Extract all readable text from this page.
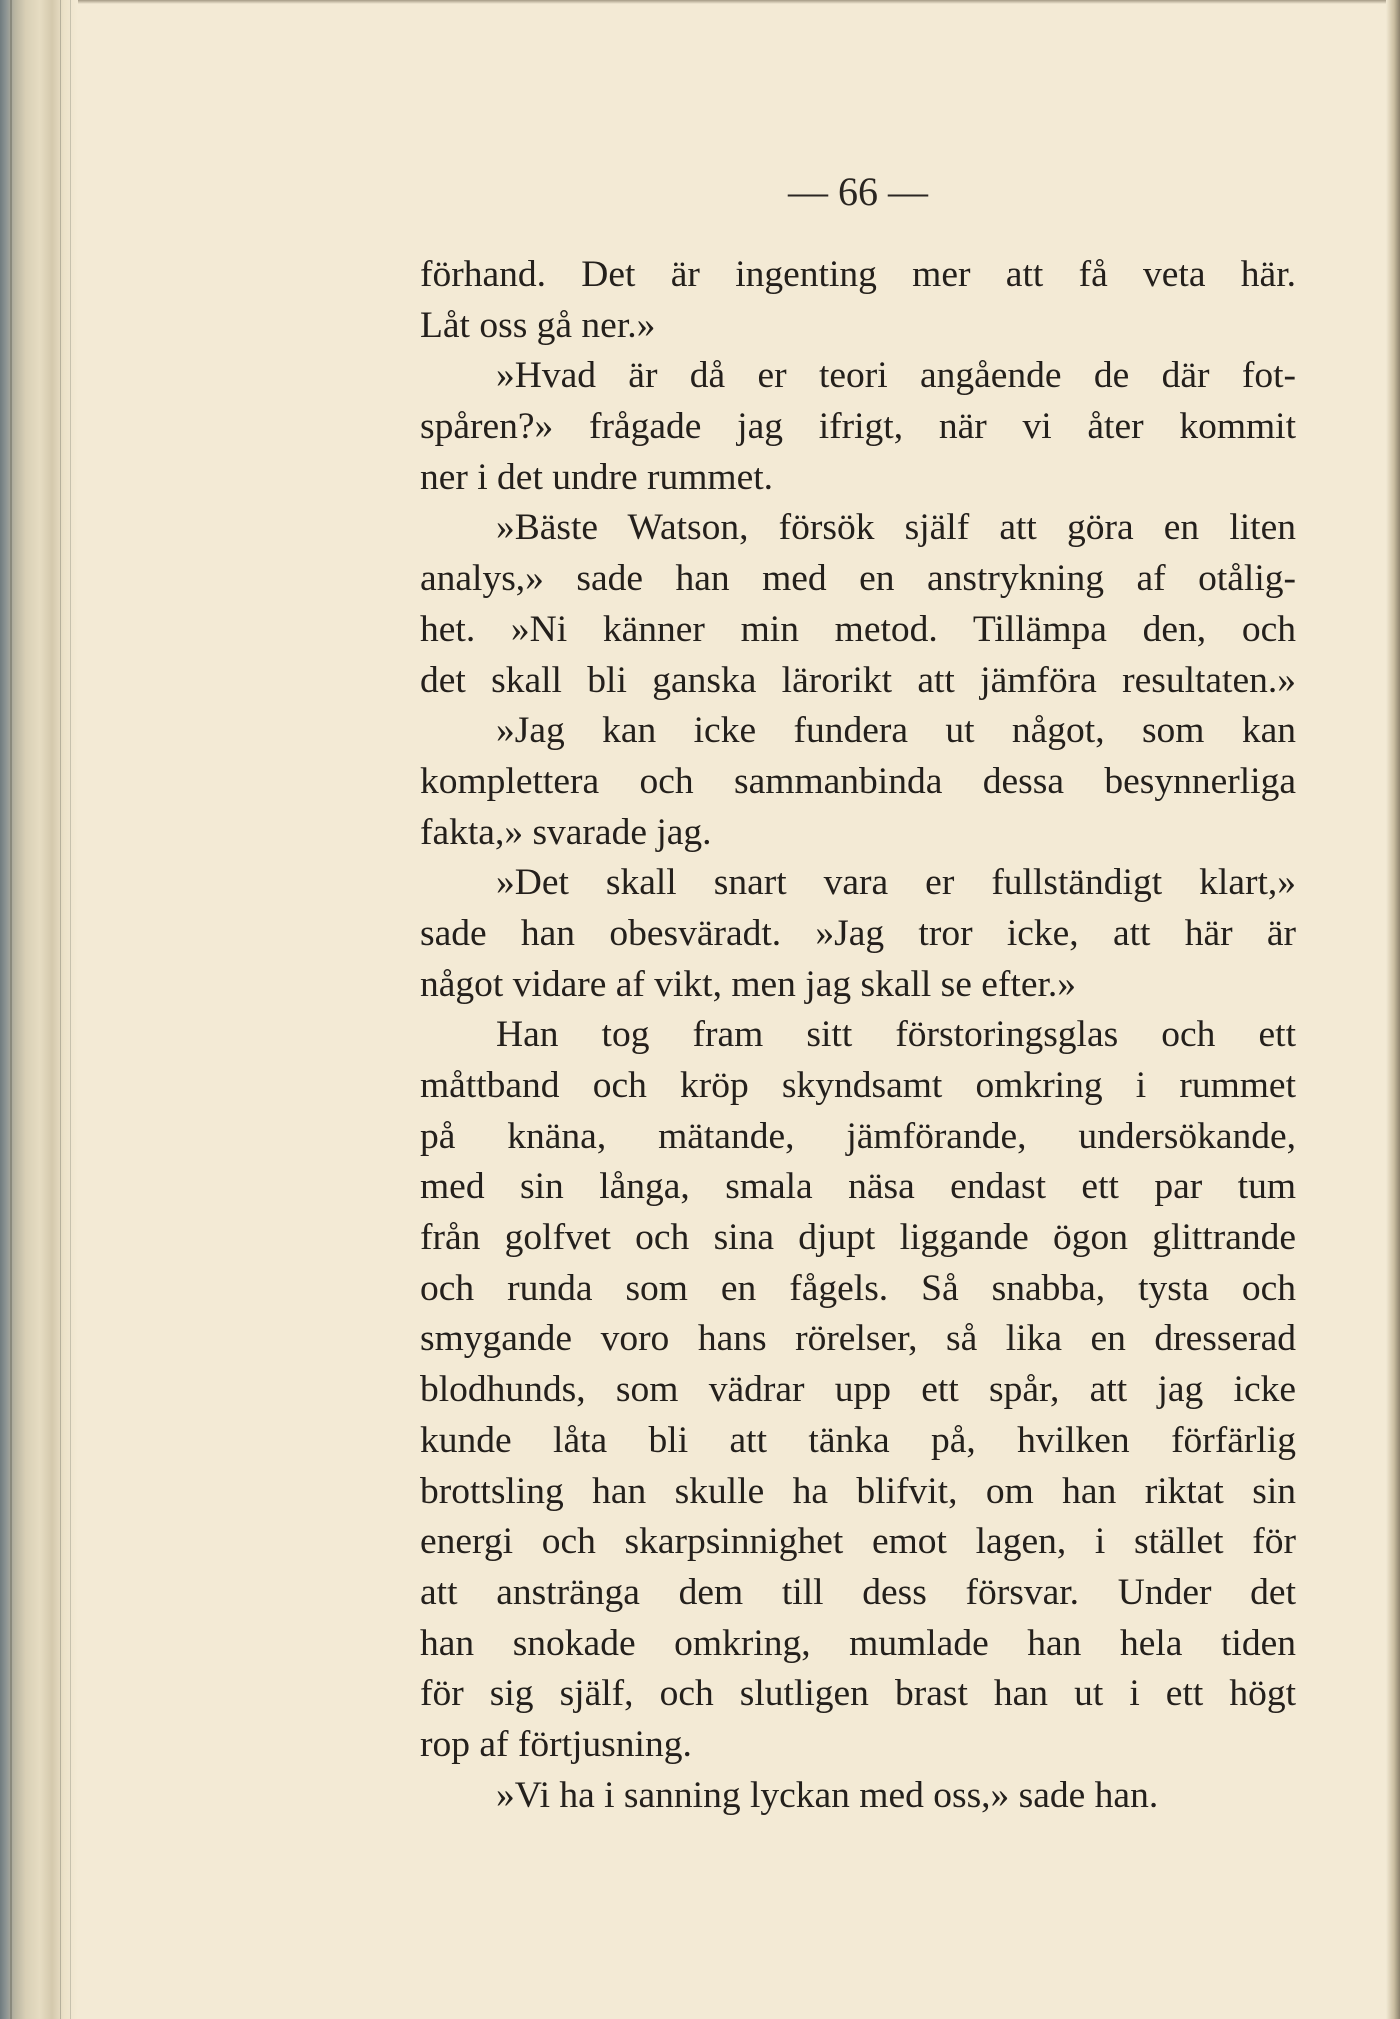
— 66 —
förhand. Det är ingenting mer att få veta här.
Låt oss gå ner.»
»Hvad är då er teori angående de där fot-
spåren?» frågade jag ifrigt, när vi åter kommit
ner i det undre rummet.
»Bäste Watson, försök själf att göra en liten
analys,» sade han med en anstrykning af otålig-
het. »Ni känner min metod. Tillämpa den, och
det skall bli ganska lärorikt att jämföra resultaten.»
»Jag kan icke fundera ut något, som kan
komplettera och sammanbinda dessa besynnerliga
fakta,» svarade jag.
»Det skall snart vara er fullständigt klart,»
sade han obesväradt. »Jag tror icke, att här är
något vidare af vikt, men jag skall se efter.»
Han tog fram sitt förstoringsglas och ett
måttband och kröp skyndsamt omkring i rummet
på knäna, mätande, jämförande, undersökande,
med sin långa, smala näsa endast ett par tum
från golfvet och sina djupt liggande ögon glittrande
och runda som en fågels. Så snabba, tysta och
smygande voro hans rörelser, så lika en dresserad
blodhunds, som vädrar upp ett spår, att jag icke
kunde låta bli att tänka på, hvilken förfärlig
brottsling han skulle ha blifvit, om han riktat sin
energi och skarpsinnighet emot lagen, i stället för
att anstränga dem till dess försvar. Under det
han snokade omkring, mumlade han hela tiden
för sig själf, och slutligen brast han ut i ett högt
rop af förtjusning.
»Vi ha i sanning lyckan med oss,» sade han.
